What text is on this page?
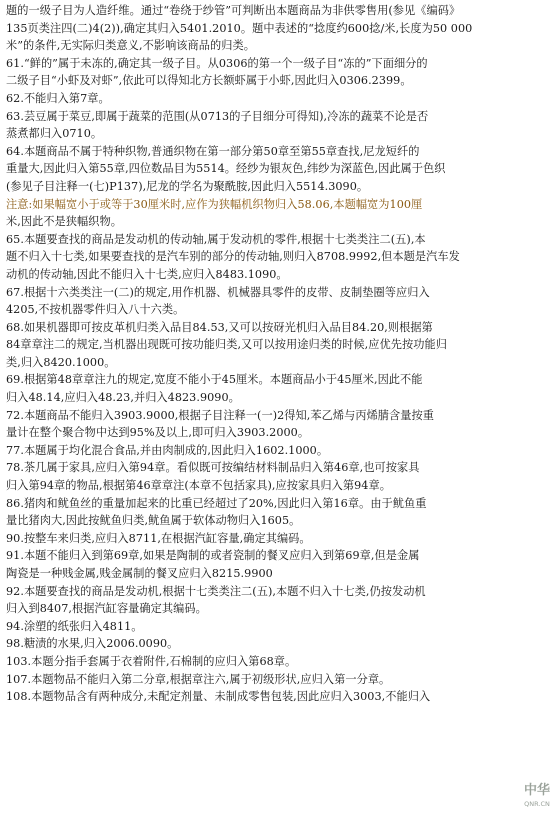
题的一级子目为人造纤维。通过“卷绕于纱管”可判断出本题商品为非供零售用(参见《编码》
135页类注四(二)4(2)),确定其归入5401.2010。题中表述的“捻度约600捻/米,长度为50 000
米”的条件,无实际归类意义,不影响该商品的归类。
61.“鲜的”属于未冻的,确定其一级子目。从0306的第一个一级子目“冻的”下面细分的
二级子目“小虾及对虾”,依此可以得知北方长额虾属于小虾,因此归入0306.2399。
62.不能归入第7章。
63.芸豆属于菜豆,即属于蔬菜的范围(从0713的子目细分可得知),冷冻的蔬菜不论是否
蒸煮都归入0710。
64.本题商品不属于特种织物,普通织物在第一部分第50章至第55章查找,尼龙短纤的
重量大,因此归入第55章,四位数品目为5514。经纱为银灰色,纬纱为深蓝色,因此属于色织
(参见子目注释一(七)P137),尼龙的学名为聚酰胺,因此归入5514.3090。
注意:如果幅宽小于或等于30厘米时,应作为狭幅机织物归入58.06,本题幅宽为100厘
米,因此不是狭幅织物。
65.本题要查找的商品是发动机的传动轴,属于发动机的零件,根据十七类类注二(五),本
题不归入十七类,如果要查找的是汽车别的部分的传动轴,则归入8708.9992,但本题是汽车发
动机的传动轴,因此不能归入十七类,应归入8483.1090。
67.根据十六类类注一(二)的规定,用作机器、机械器具零件的皮带、皮制垫圈等应归入
4205,不按机器零件归入八十六类。
68.如果机器即可按皮革机归类入品目84.53,又可以按砑光机归入品目84.20,则根据第
84章章注二的规定,当机器出现既可按功能归类,又可以按用途归类的时候,应优先按功能归
类,归入8420.1000。
69.根据第48章章注九的规定,宽度不能小于45厘米。本题商品小于45厘米,因此不能
归入48.14,应归入48.23,并归入4823.9090。
72.本题商品不能归入3903.9000,根据子目注释一(一)2得知,苯乙烯与丙烯腈含量按重
量计在整个聚合物中达到95%及以上,即可归入3903.2000。
77.本题属于均化混合食品,并由肉制成的,因此归入1602.1000。
78.茶几属于家具,应归入第94章。看似既可按编结材料制品归入第46章,也可按家具
归入第94章的物品,根据第46章章注(本章不包括家具),应按家具归入第94章。
86.猪肉和鱿鱼丝的重量加起来的比重已经超过了20%,因此归入第16章。由于鱿鱼重
量比猪肉大,因此按鱿鱼归类,鱿鱼属于软体动物归入1605。
90.按整车来归类,应归入8711,在根据汽缸容量,确定其编码。
91.本题不能归入到第69章,如果是陶制的或者瓷制的餐叉应归入到第69章,但是金属
陶瓷是一种贱金属,贱金属制的餐叉应归入8215.9900
92.本题要查找的商品是发动机,根据十七类类注二(五),本题不归入十七类,仍按发动机
归入到8407,根据汽缸容量确定其编码。
94.涂塑的纸张归入4811。
98.糖渍的水果,归入2006.0090。
103.本题分指手套属于衣着附件,石棉制的应归入第68章。
107.本题物品不能归入第二分章,根据章注六,属于初级形状,应归入第一分章。
108.本题物品含有两种成分,未配定剂量、未制成零售包装,因此应归入3003,不能归入
中华
QNR.CN
